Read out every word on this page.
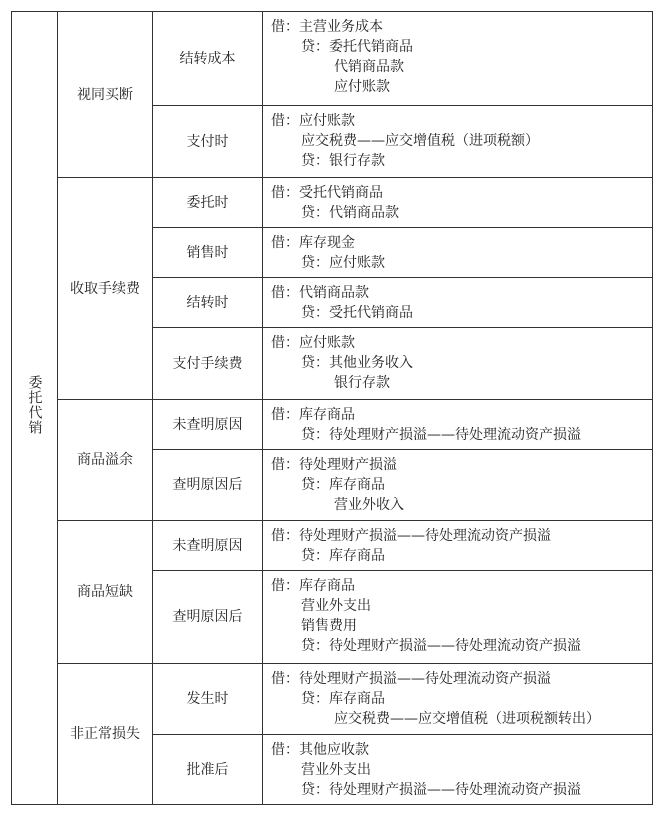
委托代销	视同买断	结转成本	借：主营业务成本
贷：委托代销商品
代销商品款
应付账款

		支付时	借：应付账款
应交税费——应交增值税（进项税额）
贷：银行存款

	收取手续费	委托时	借：受托代销商品
贷：代销商品款

		销售时	借：库存现金
贷：应付账款

		结转时	借：代销商品款
贷：受托代销商品

		支付手续费	借：应付账款
贷：其他业务收入
银行存款

	商品溢余	未查明原因	借：库存商品
贷：待处理财产损溢——待处理流动资产损溢

		查明原因后	借：待处理财产损溢
贷：库存商品
营业外收入

	商品短缺	未查明原因	借：待处理财产损溢——待处理流动资产损溢
贷：库存商品

		查明原因后	借：库存商品
营业外支出
销售费用
贷：待处理财产损溢——待处理流动资产损溢

	非正常损失	发生时	借：待处理财产损溢——待处理流动资产损溢
贷：库存商品
应交税费——应交增值税（进项税额转出）

		批准后	借：其他应收款
营业外支出
贷：待处理财产损溢——待处理流动资产损溢
